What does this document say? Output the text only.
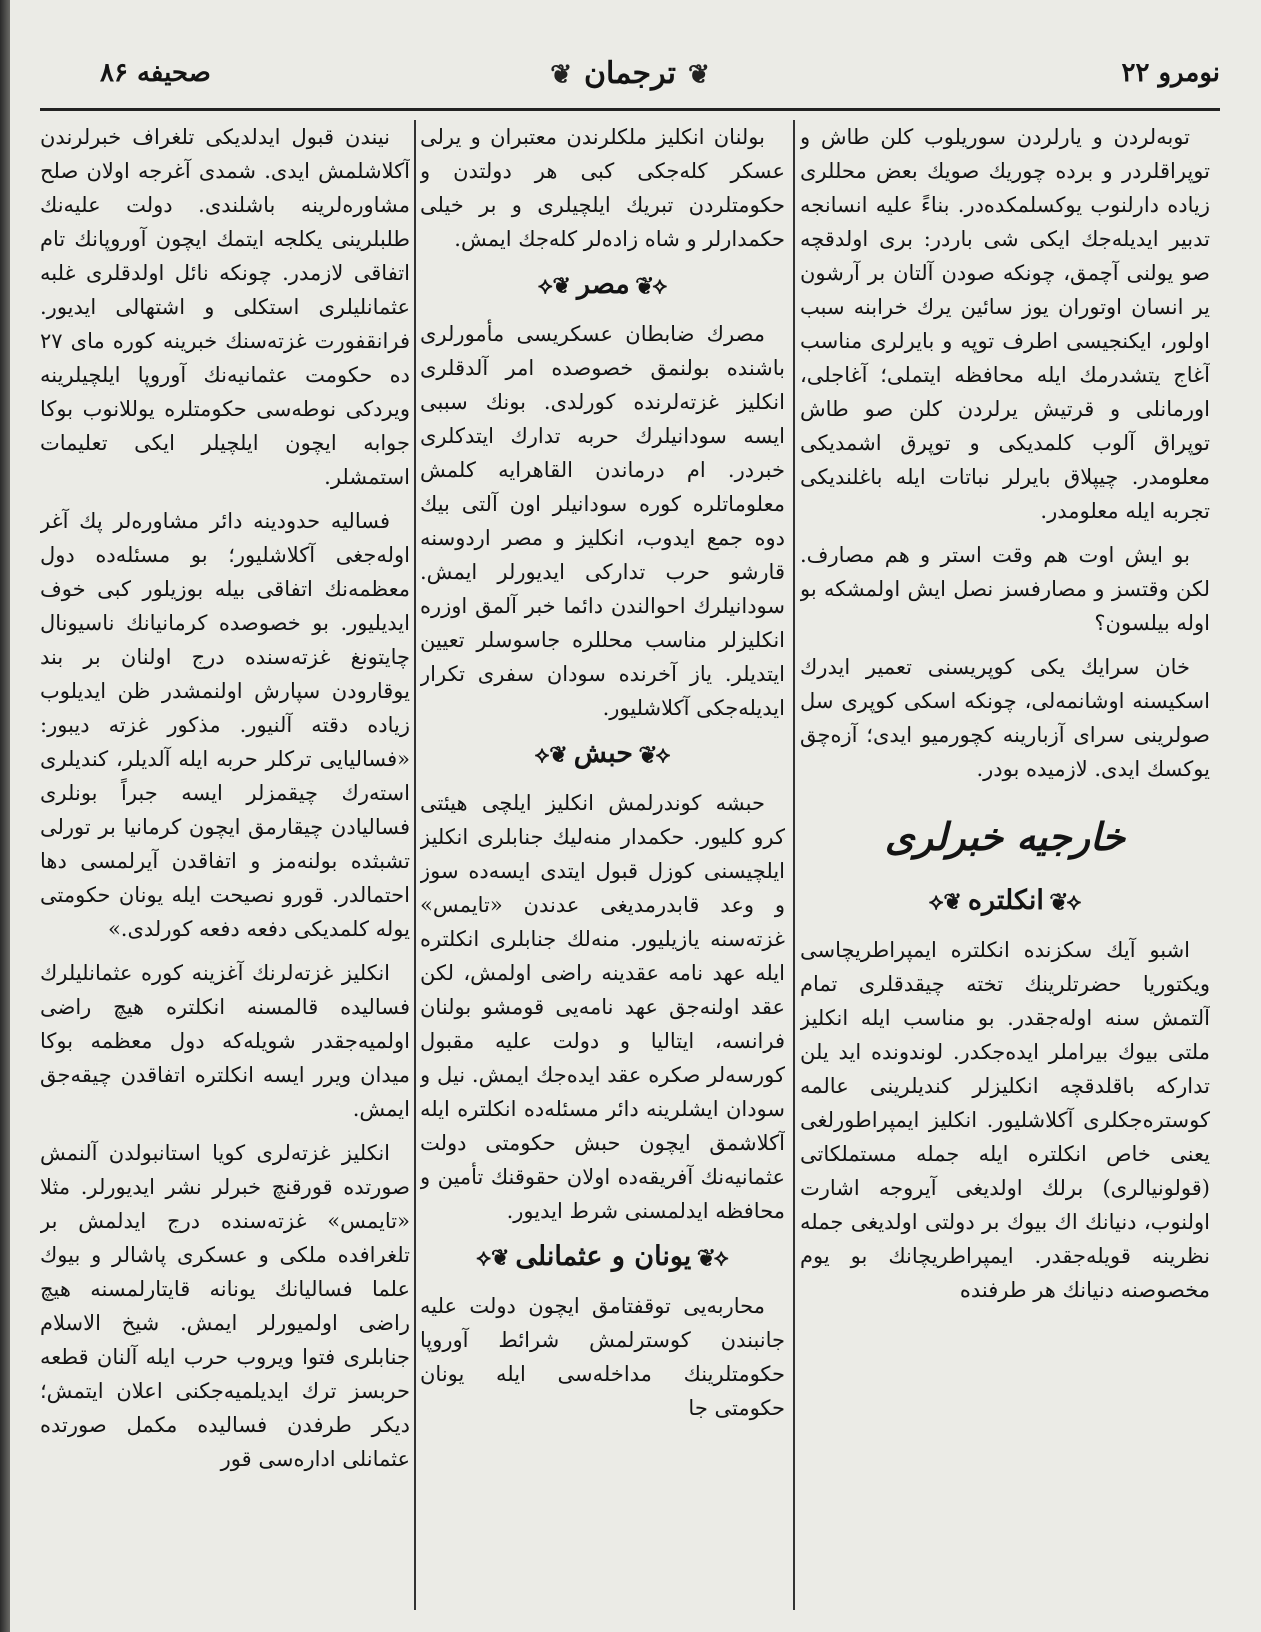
نومرو ۲۲
❦ترجمان❦
صحيفه ۸۶

توبه‌لردن و يارلردن سوريلوب كلن طاش و توپراقلردر و برده چوريك صويك بعض محللرى زياده دارلنوب يوكسلمكده‌در. بناءً عليه انسانجه تدبير ايديله‌جك ايكى شى باردر: برى اولدقچه صو يولنى آچمق، چونكه صودن آلتان بر آرشون ير انسان اوتوران يوز سائين يرك خرابنه سبب اولور، ايكنجيسى اطرف توپه و بايرلرى مناسب آغاج يتشدرمك ايله محافظه ايتملى؛ آغاجلى، اورمانلى و قرتيش يرلردن كلن صو طاش توپراق آلوب كلمديكى و توپرق اشمديكى معلومدر. چيپلاق بايرلر نباتات ايله باغلنديكى تجربه ايله معلومدر.

بو ايش اوت هم وقت استر و هم مصارف. لكن وقتسز و مصارفسز نصل ايش اولمشكه بو اوله بيلسون؟

خان سرايك يكى كوپريسنى تعمير ايدرك اسكيسنه اوشانمه‌لى، چونكه اسكى كوپرى سل صولرينى سراى آزبارينه كچورميو ايدى؛ آزه‌چق يوكسك ايدى. لازميده بودر.

خارجيه خبرلرى
⟡❦انكلتره❦⟡

اشبو آيك سكزنده انكلتره ايمپراطريچاسى ويكتوريا حضرتلرينك تخته چيقدقلرى تمام آلتمش سنه اوله‌جقدر. بو مناسب ايله انكليز ملتى بيوك بيراملر ايده‌جكدر. لوندونده ايد يلن تداركه باقلدقچه انكليزلر كنديلرينى عالمه كوستره‌جكلرى آكلاشليور. انكليز ايمپراطورلغى يعنى خاص انكلتره ايله جمله مستملكاتى (قولونيالرى) برلك اولديغى آيروجه اشارت اولنوب، دنيانك اك بيوك بر دولتى اولديغى جمله نظرينه قويله‌جقدر. ايمپراطريچانك بو يوم مخصوصنه دنيانك هر طرفنده

بولنان انكليز ملكلرندن معتبران و يرلى عسكر كله‌جكى كبى هر دولتدن و حكومتلردن تبريك ايلچيلرى و بر خيلى حكمدارلر و شاه زاده‌لر كله‌جك ايمش.

⟡❦مصر❦⟡

مصرك ضابطان عسكريسى مأمورلرى باشنده بولنمق خصوصده امر آلدقلرى انكليز غزته‌لرنده كورلدى. بونك سببى ايسه سودانيلرك حربه تدارك ايتدكلرى خبردر. ام درماندن القاهرايه كلمش معلوماتلره كوره سودانيلر اون آلتى بيك دوه جمع ايدوب، انكليز و مصر اردوسنه قارشو حرب تداركى ايديورلر ايمش. سودانيلرك احوالندن دائما خبر آلمق اوزره انكليزلر مناسب محللره جاسوسلر تعيين ايتديلر. ياز آخرنده سودان سفرى تكرار ايديله‌جكى آكلاشليور.

⟡❦حبش❦⟡

حبشه كوندرلمش انكليز ايلچى هيئتى كرو كليور. حكمدار منه‌ليك جنابلرى انكليز ايلچيسنى كوزل قبول ايتدى ايسه‌ده سوز و وعد قابدرمديغى عدندن «تايمس» غزته‌سنه يازيليور. منه‌لك جنابلرى انكلتره ايله عهد نامه عقدينه راضى اولمش، لكن عقد اولنه‌جق عهد نامه‌يى قومشو بولنان فرانسه، ايتاليا و دولت عليه مقبول كورسه‌لر صكره عقد ايده‌جك ايمش. نيل و سودان ايشلرينه دائر مسئله‌ده انكلتره ايله آكلاشمق ايچون حبش حكومتى دولت عثمانيه‌نك آفريقه‌ده اولان حقوقنك تأمين و محافظه ايدلمسنى شرط ايديور.

⟡❦يونان و عثمانلى❦⟡

محاربه‌يى توقفتامق ايچون دولت عليه جانبندن كوسترلمش شرائط آوروپا حكومتلرينك مداخله‌سى ايله يونان حكومتى جا

نيندن قبول ايدلديكى تلغراف خبرلرندن آكلاشلمش ايدى. شمدى آغرجه اولان صلح مشاوره‌لرينه باشلندى. دولت عليه‌نك طلبلرينى يكلجه ايتمك ايچون آوروپانك تام اتفاقى لازمدر. چونكه نائل اولدقلرى غلبه عثمانليلرى استكلى و اشتهالى ايديور. فرانقفورت غزته‌سنك خبرينه كوره ماى ۲۷ ده حكومت عثمانيه‌نك آوروپا ايلچيلرينه ويردكى نوطه‌سى حكومتلره يوللانوب بوكا جوابه ايچون ايلچيلر ايكى تعليمات استمشلر.

فساليه حدودينه دائر مشاوره‌لر پك آغر اوله‌جغى آكلاشليور؛ بو مسئله‌ده دول معظمه‌نك اتفاقى بيله بوزيلور كبى خوف ايديليور. بو خصوصده كرمانيانك ناسيونال چايتونغ غزته‌سنده درج اولنان بر بند يوقارودن سپارش اولنمشدر ظن ايديلوب زياده دقته آلنيور. مذكور غزته ديبور: «فساليايى تركلر حربه ايله آلديلر، كنديلرى استه‌رك چيقمزلر ايسه جبراً بونلرى فساليادن چيقارمق ايچون كرمانيا بر تورلى تشبثده بولنه‌مز و اتفاقدن آيرلمسى دها احتمالدر. قورو نصيحت ايله يونان حكومتى يوله كلمديكى دفعه دفعه كورلدى.»

انكليز غزته‌لرنك آغزينه كوره عثمانليلرك فساليده قالمسنه انكلتره هيچ راضى اولميه‌جقدر شويله‌كه دول معظمه بوكا ميدان ويرر ايسه انكلتره اتفاقدن چيقه‌جق ايمش.

انكليز غزته‌لرى كويا استانبولدن آلنمش صورتده قورقنچ خبرلر نشر ايديورلر. مثلا «تايمس» غزته‌سنده درج ايدلمش بر تلغرافده ملكى و عسكرى پاشالر و بيوك علما فساليانك يونانه قايتارلمسنه هيچ راضى اولميورلر ايمش. شيخ الاسلام جنابلرى فتوا ويروب حرب ايله آلنان قطعه حربسز ترك ايديلميه‌جكنى اعلان ايتمش؛ ديكر طرفدن فساليده مكمل صورتده عثمانلى اداره‌سى قور
